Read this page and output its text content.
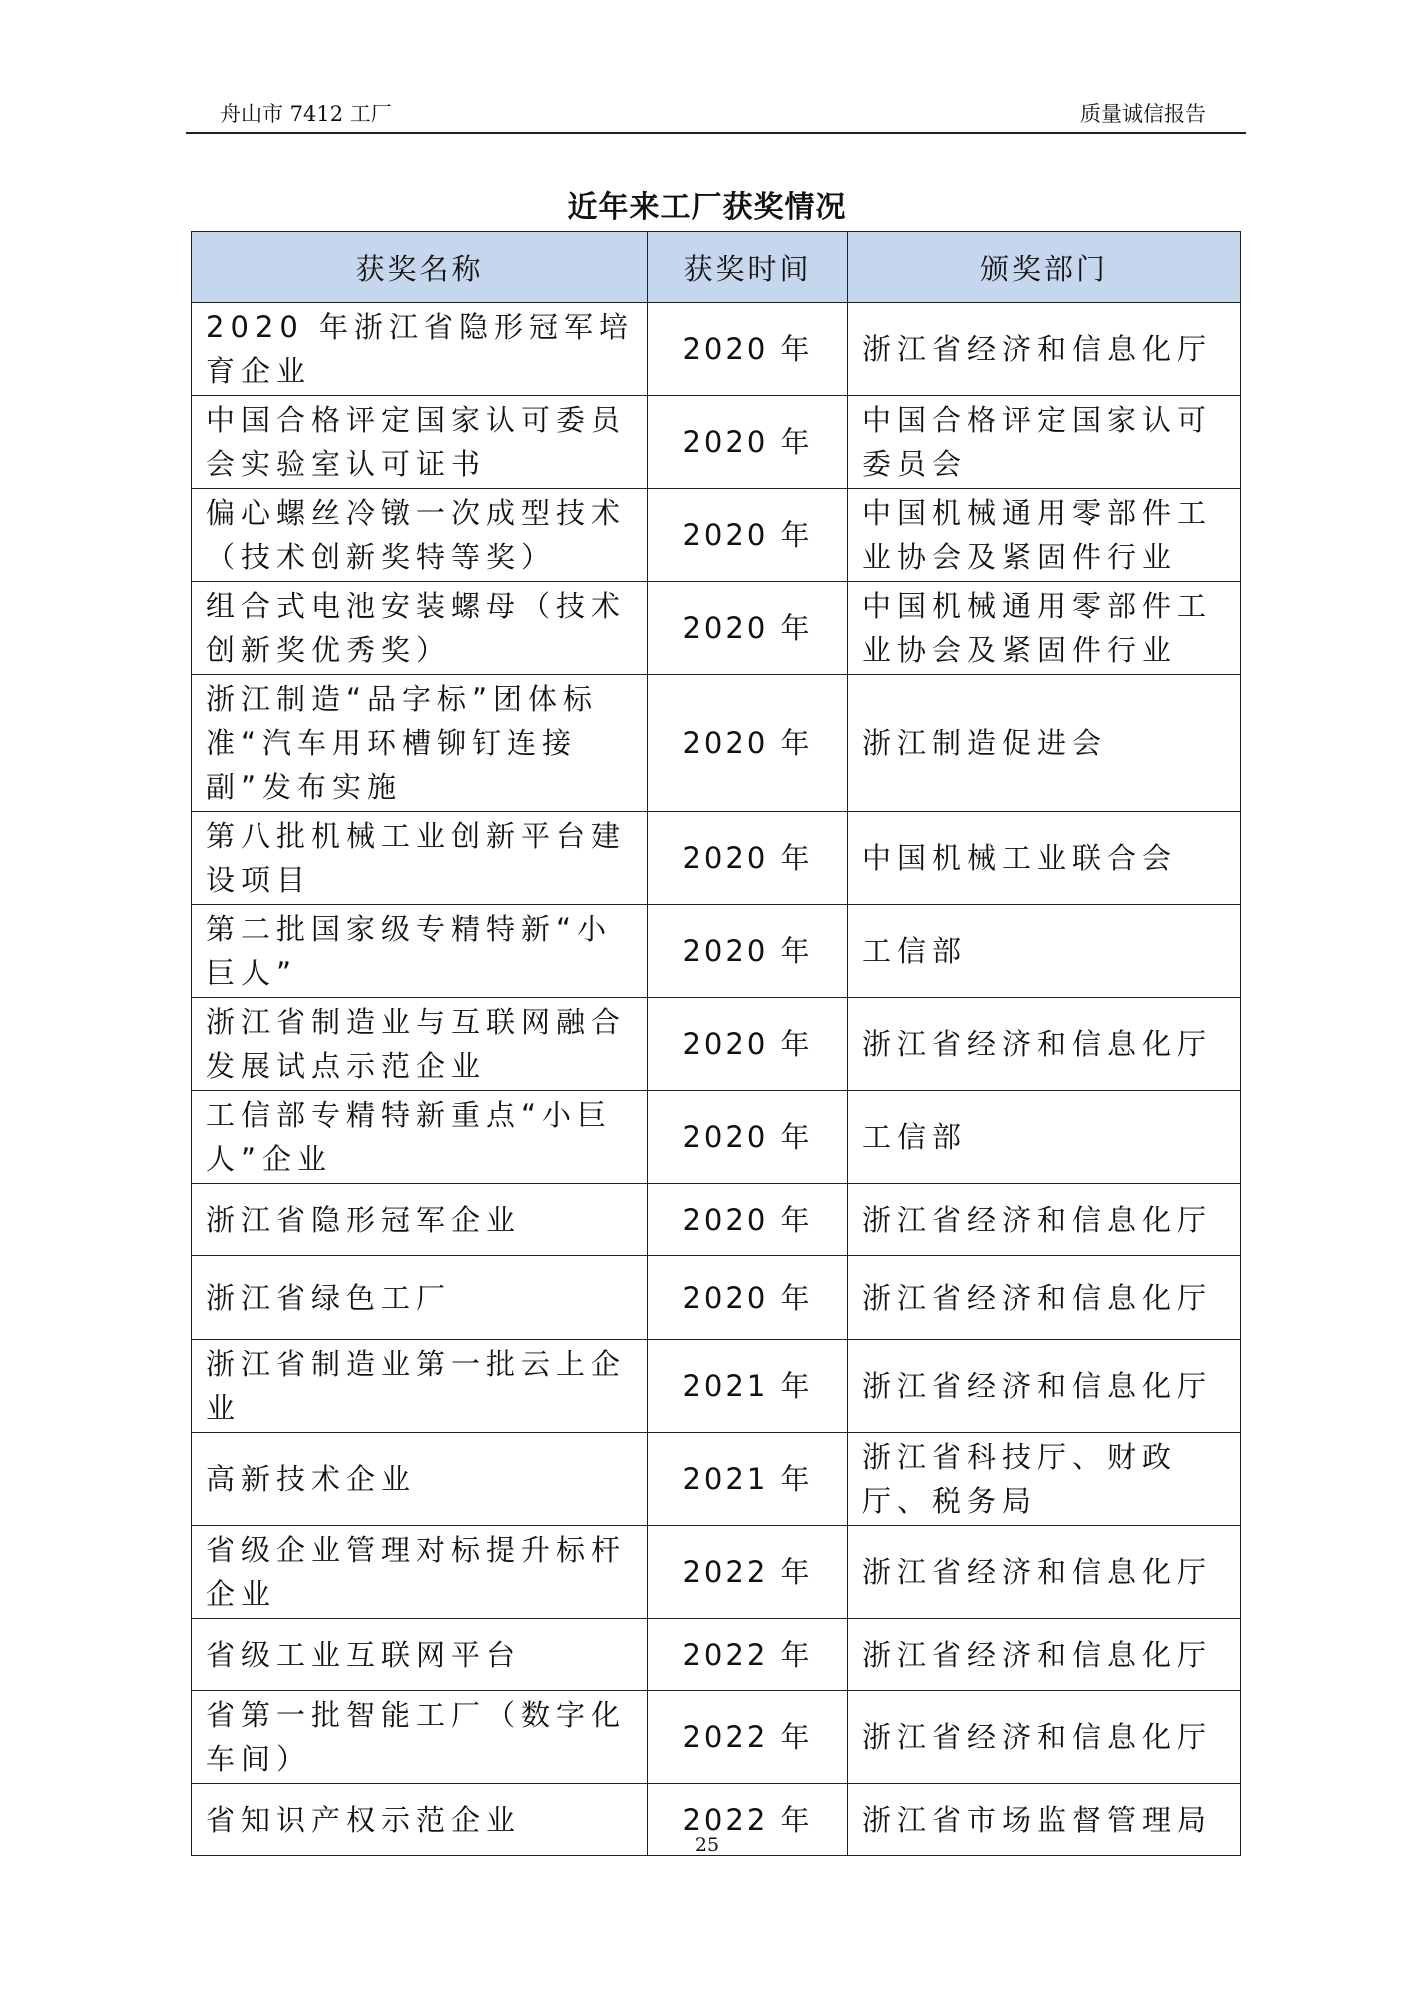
舟山市 7412 工厂	质量诚信报告
近年来工厂获奖情况
获奖名称	获奖时间	颁奖部门
2020 年浙江省隐形冠军培育企业	2020 年	浙江省经济和信息化厅
中国合格评定国家认可委员会实验室认可证书	2020 年	中国合格评定国家认可委员会
偏心螺丝冷镦一次成型技术（技术创新奖特等奖）	2020 年	中国机械通用零部件工业协会及紧固件行业
组合式电池安装螺母（技术创新奖优秀奖）	2020 年	中国机械通用零部件工业协会及紧固件行业
浙江制造“品字标”团体标准“汽车用环槽铆钉连接副”发布实施	2020 年	浙江制造促进会
第八批机械工业创新平台建设项目	2020 年	中国机械工业联合会
第二批国家级专精特新“小巨人”	2020 年	工信部
浙江省制造业与互联网融合发展试点示范企业	2020 年	浙江省经济和信息化厅
工信部专精特新重点“小巨人”企业	2020 年	工信部
浙江省隐形冠军企业	2020 年	浙江省经济和信息化厅
浙江省绿色工厂	2020 年	浙江省经济和信息化厅
浙江省制造业第一批云上企业	2021 年	浙江省经济和信息化厅
高新技术企业	2021 年	浙江省科技厅、财政厅、税务局
省级企业管理对标提升标杆企业	2022 年	浙江省经济和信息化厅
省级工业互联网平台	2022 年	浙江省经济和信息化厅
省第一批智能工厂（数字化车间）	2022 年	浙江省经济和信息化厅
省知识产权示范企业	2022 年	浙江省市场监督管理局
25
